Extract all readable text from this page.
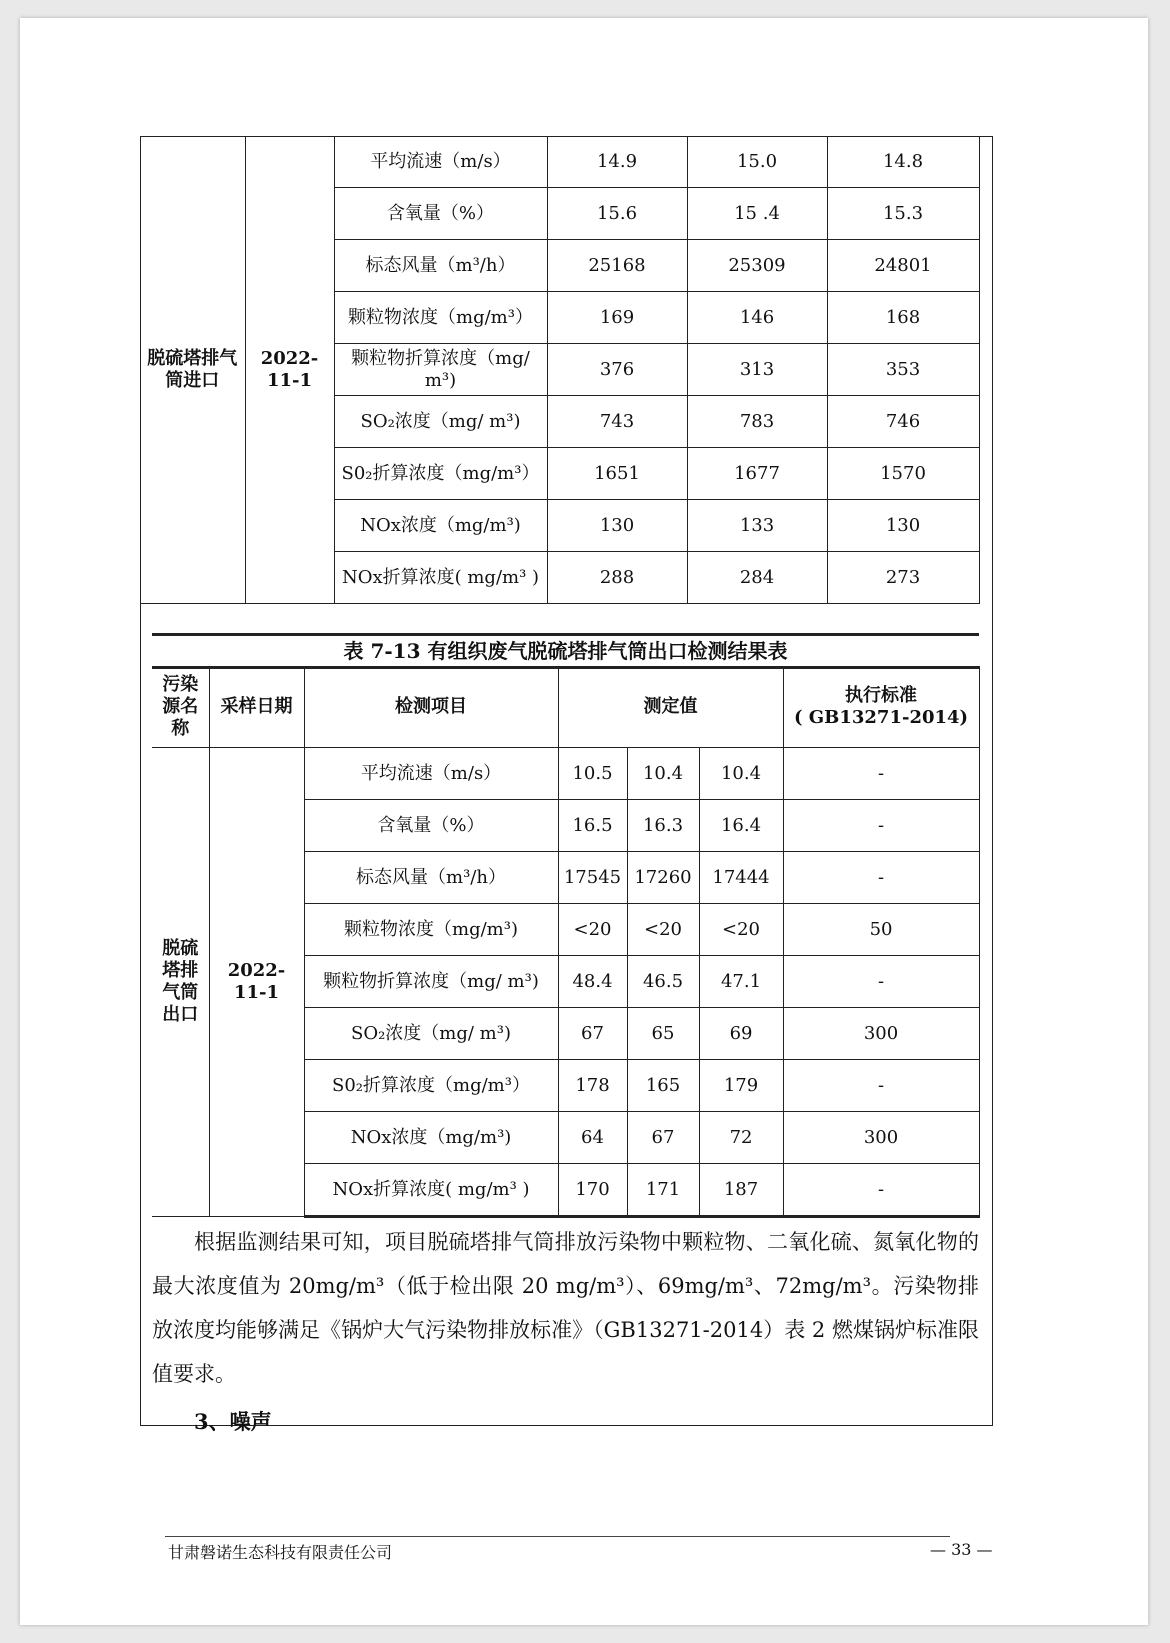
脱硫塔排气筒进口	2022-11-1	平均流速（m/s）	14.9	15.0	14.8
		含氧量（%）	15.6	15 .4	15.3
		标态风量（m³/h）	25168	25309	24801
		颗粒物浓度（mg/m³）	169	146	168
		颗粒物折算浓度（mg/ m³)	376	313	353
		SO₂浓度（mg/ m³)	743	783	746
		S0₂折算浓度（mg/m³）	1651	1677	1570
		NOx浓度（mg/m³)	130	133	130
		NOx折算浓度( mg/m³ )	288	284	273
表 7-13 有组织废气脱硫塔排气筒出口检测结果表
污染源名称	采样日期	检测项目	测定值			执行标准
( GB13271-2014)

脱硫塔排气筒出口	2022-11-1	平均流速（m/s）	10.5	10.4	10.4	-
		含氧量（%）	16.5	16.3	16.4	-
		标态风量（m³/h）	17545	17260	17444	-
		颗粒物浓度（mg/m³)	<20	<20	<20	50
		颗粒物折算浓度（mg/ m³)	48.4	46.5	47.1	-
		SO₂浓度（mg/ m³)	67	65	69	300
		S0₂折算浓度（mg/m³）	178	165	179	-
		NOx浓度（mg/m³)	64	67	72	300
		NOx折算浓度( mg/m³ )	170	171	187	-

根据监测结果可知，项目脱硫塔排气筒排放污染物中颗粒物、二氧化硫、氮氧化物的最大浓度值为 20mg/m³（低于检出限 20 mg/m³）、69mg/m³、72mg/m³。污染物排放浓度均能够满足《锅炉大气污染物排放标准》（GB13271-2014）表 2 燃煤锅炉标准限值要求。

3、噪声

甘肃磐诺生态科技有限责任公司	— 33 —
